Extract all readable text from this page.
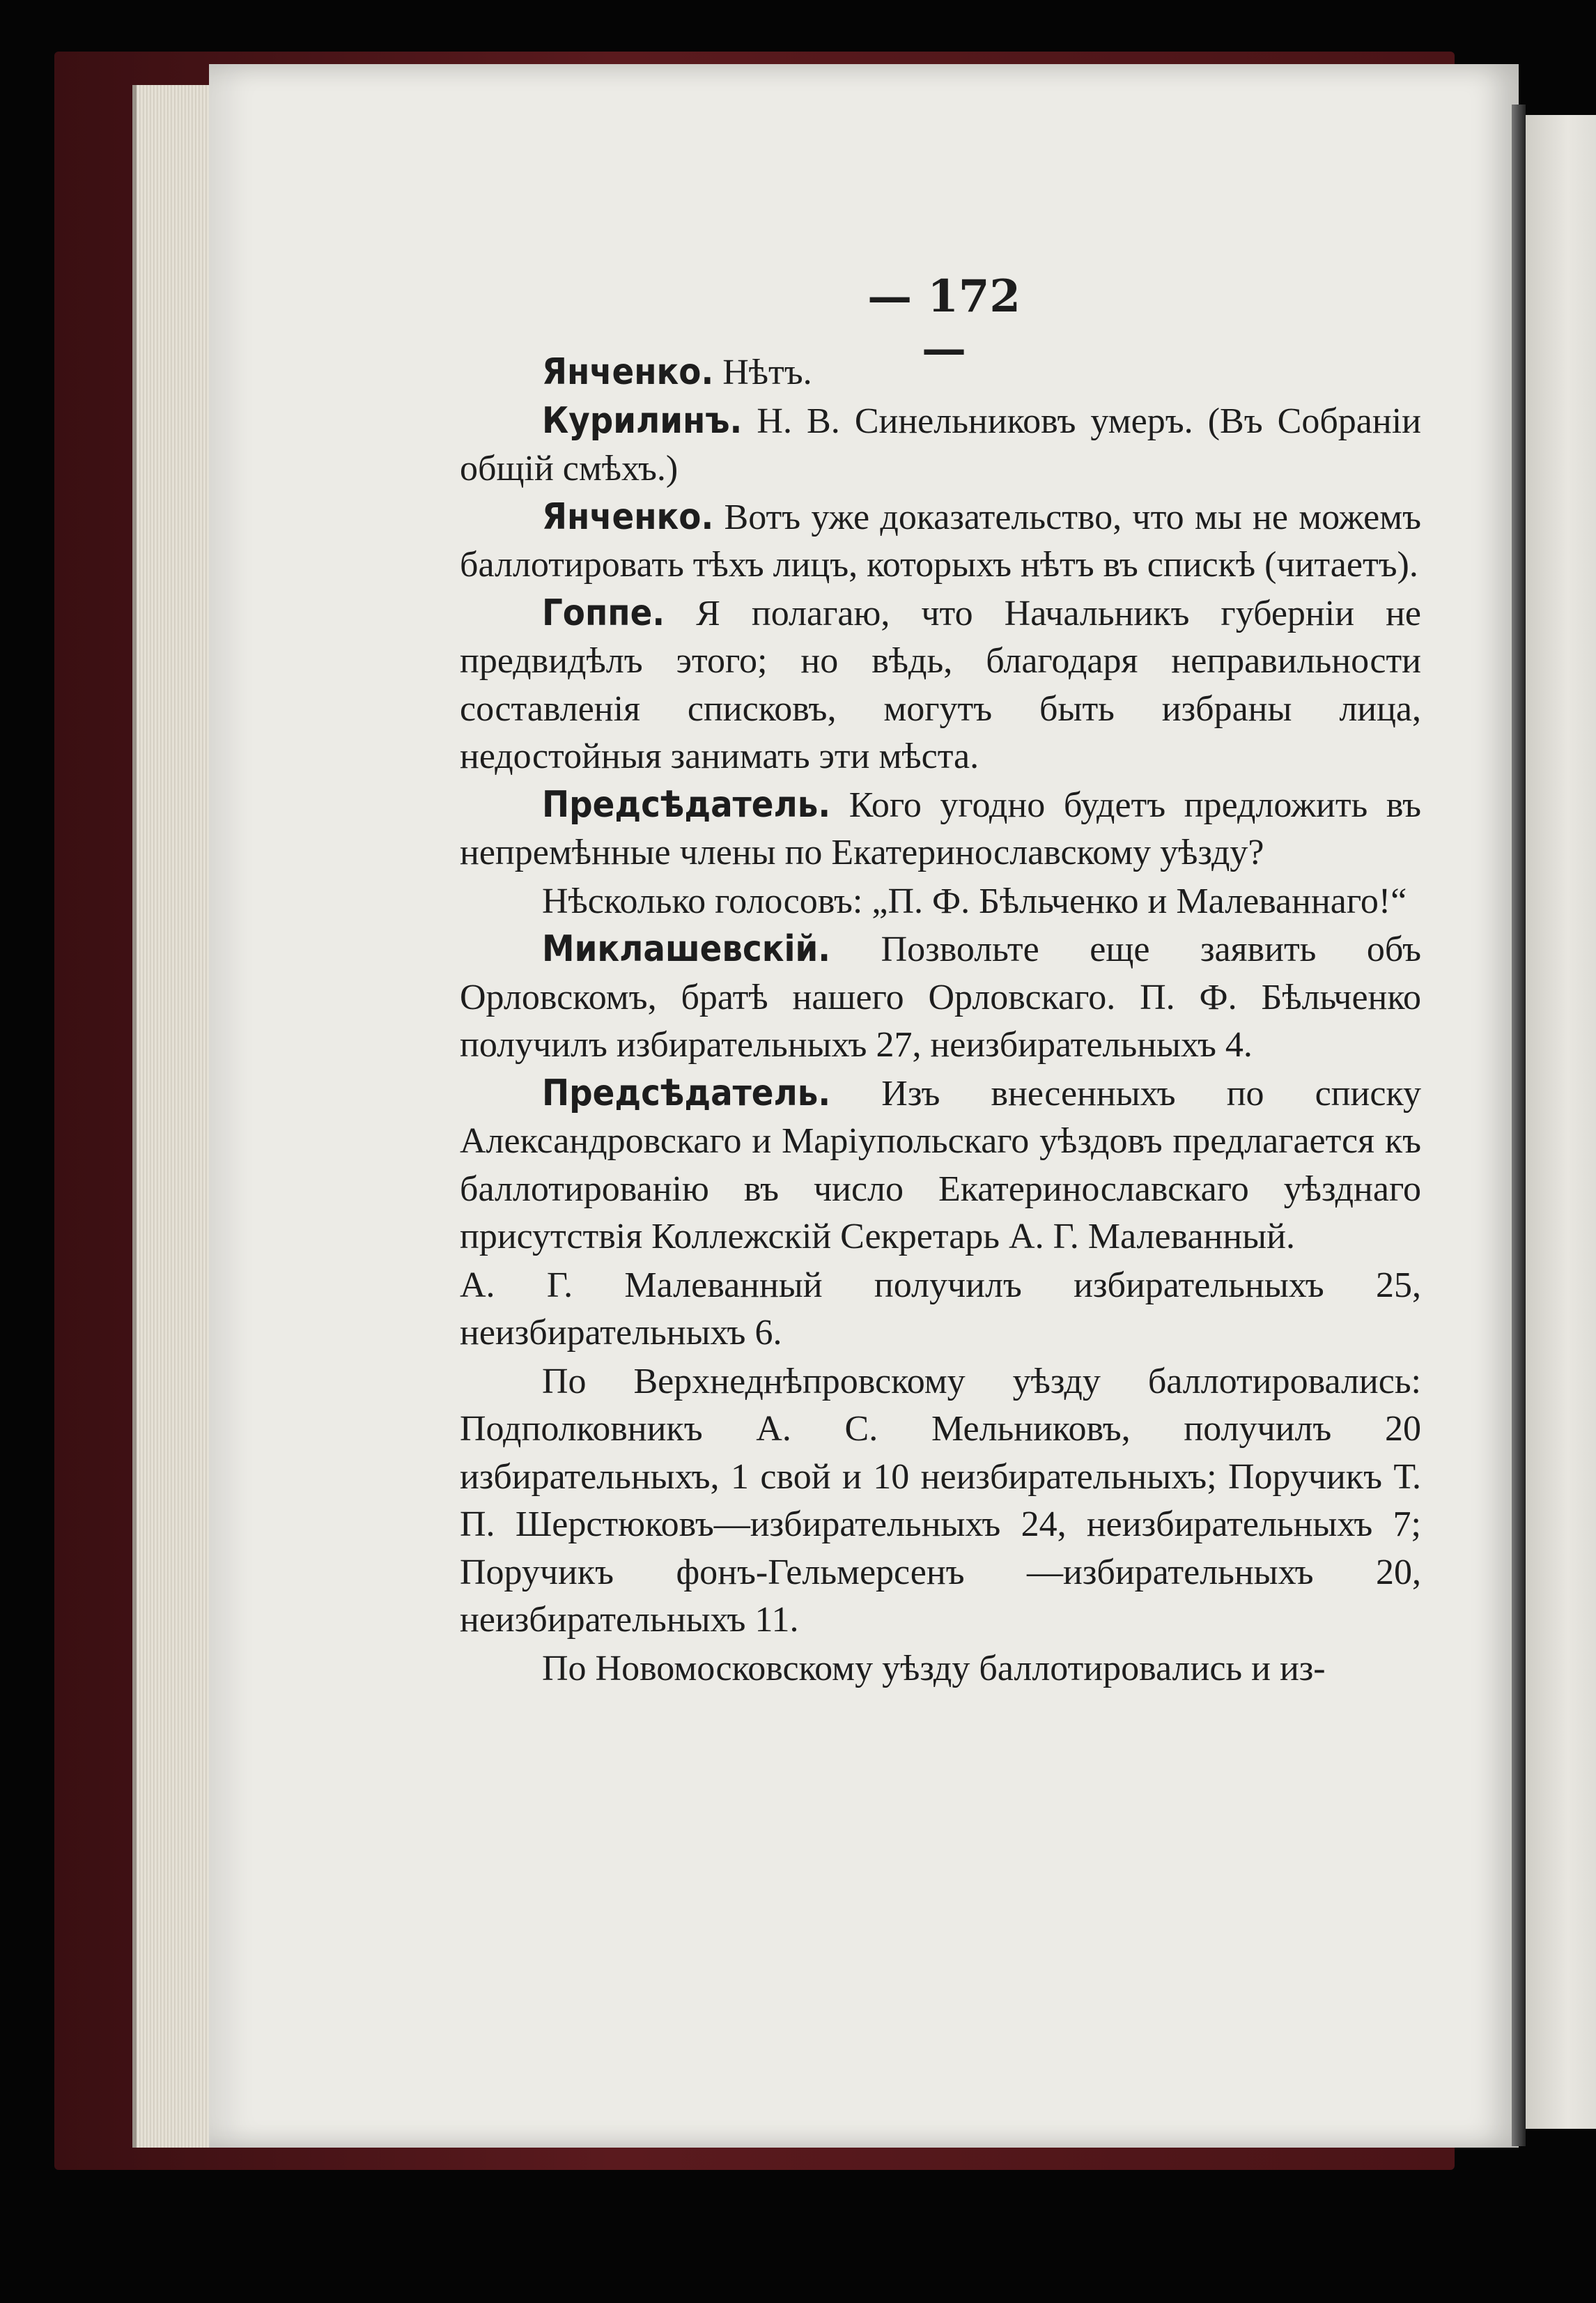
— 172 —

Янченко. Нѣтъ.

Курилинъ. Н. В. Синельниковъ умеръ. (Въ Собраніи общій смѣхъ.)

Янченко. Вотъ уже доказательство, что мы не можемъ баллотировать тѣхъ лицъ, которыхъ нѣтъ въ спискѣ (читаетъ).

Гоппе. Я полагаю, что Начальникъ губерніи не предвидѣлъ этого; но вѣдь, благодаря неправильности составленія списковъ, могутъ быть избраны лица, недостойныя занимать эти мѣста.

Предсѣдатель. Кого угодно будетъ предложить въ непремѣнные члены по Екатеринославскому уѣзду?

Нѣсколько голосовъ: „П. Ф. Бѣльченко и Малеваннаго!“

Миклашевскій. Позвольте еще заявить объ Орловскомъ, братѣ нашего Орловскаго. П. Ф. Бѣльченко получилъ избирательныхъ 27, неизбирательныхъ 4.

Предсѣдатель. Изъ внесенныхъ по списку Александровскаго и Маріупольскаго уѣздовъ предлагается къ баллотированію въ число Екатеринославскаго уѣзднаго присутствія Коллежскій Секретарь А. Г. Малеванный.

А. Г. Малеванный получилъ избирательныхъ 25, неизбирательныхъ 6.

По Верхнеднѣпровскому уѣзду баллотировались: Подполковникъ А. С. Мельниковъ, получилъ 20 избирательныхъ, 1 свой и 10 неизбирательныхъ; Поручикъ Т. П. Шерстюковъ—избирательныхъ 24, неизбирательныхъ 7; Поручикъ фонъ-Гельмерсенъ —избирательныхъ 20, неизбирательныхъ 11.

По Новомосковскому уѣзду баллотировались и из-
